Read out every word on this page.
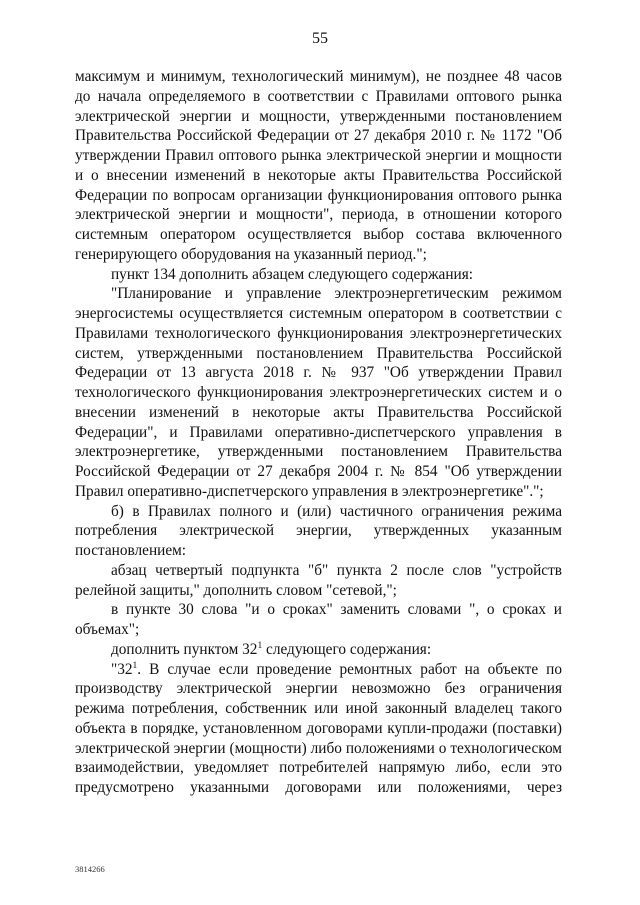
55

максимум и минимум, технологический минимум), не позднее 48 часов до начала определяемого в соответствии с Правилами оптового рынка электрической энергии и мощности, утвержденными постановлением Правительства Российской Федерации от 27 декабря 2010 г. № 1172 "Об утверждении Правил оптового рынка электрической энергии и мощности и о внесении изменений в некоторые акты Правительства Российской Федерации по вопросам организации функционирования оптового рынка электрической энергии и мощности", периода, в отношении которого системным оператором осуществляется выбор состава включенного генерирующего оборудования на указанный период.";

пункт 134 дополнить абзацем следующего содержания:

"Планирование и управление электроэнергетическим режимом энергосистемы осуществляется системным оператором в соответствии с Правилами технологического функционирования электроэнергетических систем, утвержденными постановлением Правительства Российской Федерации от 13 августа 2018 г. № 937 "Об утверждении Правил технологического функционирования электроэнергетических систем и о внесении изменений в некоторые акты Правительства Российской Федерации", и Правилами оперативно-диспетчерского управления в электроэнергетике, утвержденными постановлением Правительства Российской Федерации от 27 декабря 2004 г. № 854 "Об утверждении Правил оперативно-диспетчерского управления в электроэнергетике".";

б) в Правилах полного и (или) частичного ограничения режима потребления электрической энергии, утвержденных указанным постановлением:

абзац четвертый подпункта "б" пункта 2 после слов "устройств релейной защиты," дополнить словом "сетевой,";

в пункте 30 слова "и о сроках" заменить словами ", о сроках и объемах";

дополнить пунктом $32^1$ следующего содержания:

"$32^1$. В случае если проведение ремонтных работ на объекте по производству электрической энергии невозможно без ограничения режима потребления, собственник или иной законный владелец такого объекта в порядке, установленном договорами купли-продажи (поставки) электрической энергии (мощности) либо положениями о технологическом взаимодействии, уведомляет потребителей напрямую либо, если это предусмотрено указанными договорами или положениями, через

3814266
